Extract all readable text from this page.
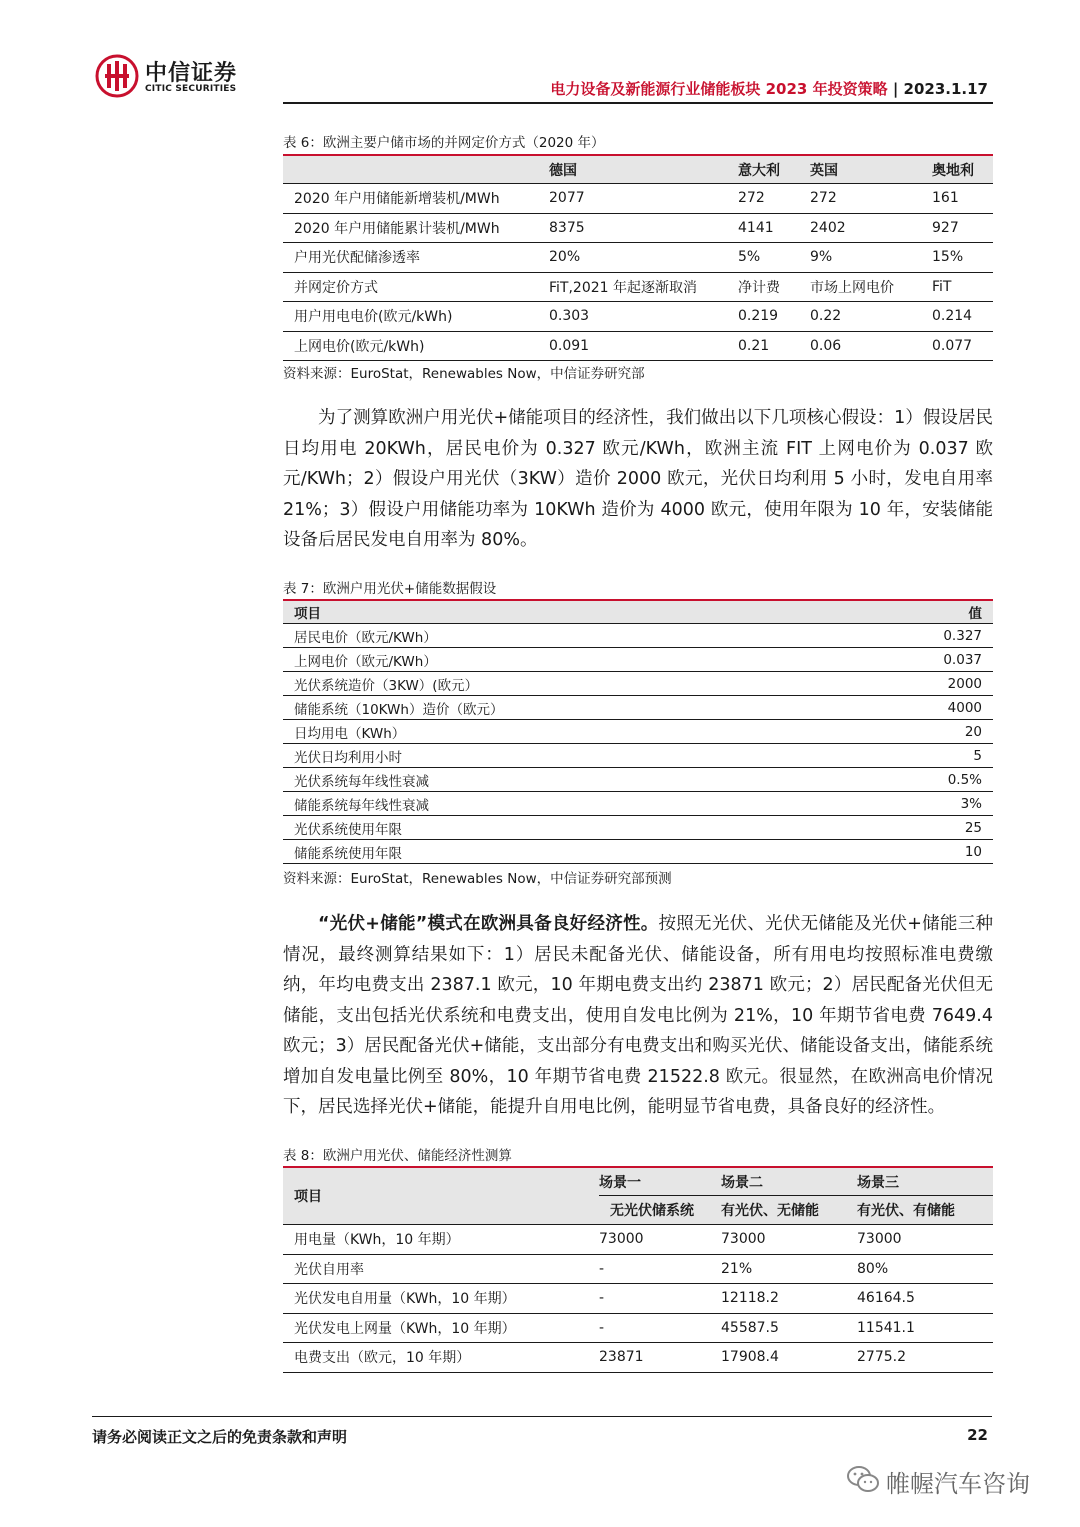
中信证券
CITIC SECURITIES	电力设备及新能源行业储能板块 2023 年投资策略 | 2023.1.17
表 6：欧洲主要户储市场的并网定价方式（2020 年）
	德国	意大利	英国	奥地利
2020 年户用储能新增装机/MWh	2077	272	272	161
2020 年户用储能累计装机/MWh	8375	4141	2402	927
户用光伏配储渗透率	20%	5%	9%	15%
并网定价方式	FiT,2021 年起逐渐取消	净计费	市场上网电价	FiT
用户用电电价(欧元/kWh)	0.303	0.219	0.22	0.214
上网电价(欧元/kWh)	0.091	0.21	0.06	0.077
资料来源：EuroStat，Renewables Now，中信证券研究部

为了测算欧洲户用光伏+储能项目的经济性，我们做出以下几项核心假设：1）假设居民日均用电 20KWh，居民电价为 0.327 欧元/KWh，欧洲主流 FIT 上网电价为 0.037 欧元/KWh；2）假设户用光伏（3KW）造价 2000 欧元，光伏日均利用 5 小时，发电自用率 21%；3）假设户用储能功率为 10KWh 造价为 4000 欧元，使用年限为 10 年，安装储能设备后居民发电自用率为 80%。

表 7：欧洲户用光伏+储能数据假设
项目	值
居民电价（欧元/KWh）	0.327
上网电价（欧元/KWh）	0.037
光伏系统造价（3KW）(欧元）	2000
储能系统（10KWh）造价（欧元）	4000
日均用电（KWh）	20
光伏日均利用小时	5
光伏系统每年线性衰减	0.5%
储能系统每年线性衰减	3%
光伏系统使用年限	25
储能系统使用年限	10
资料来源：EuroStat，Renewables Now，中信证券研究部预测

“光伏+储能”模式在欧洲具备良好经济性。按照无光伏、光伏无储能及光伏+储能三种情况，最终测算结果如下：1）居民未配备光伏、储能设备，所有用电均按照标准电费缴纳，年均电费支出 2387.1 欧元，10 年期电费支出约 23871 欧元；2）居民配备光伏但无储能，支出包括光伏系统和电费支出，使用自发电比例为 21%，10 年期节省电费 7649.4 欧元；3）居民配备光伏+储能，支出部分有电费支出和购买光伏、储能设备支出，储能系统增加自发电量比例至 80%，10 年期节省电费 21522.8 欧元。很显然，在欧洲高电价情况下，居民选择光伏+储能，能提升自用电比例，能明显节省电费，具备良好的经济性。

表 8：欧洲户用光伏、储能经济性测算
项目	场景一	场景二	场景三
	无光伏储系统	有光伏、无储能	有光伏、有储能
用电量（KWh，10 年期）	73000	73000	73000
光伏自用率	-	21%	80%
光伏发电自用量（KWh，10 年期）	-	12118.2	46164.5
光伏发电上网量（KWh，10 年期）	-	45587.5	11541.1
电费支出（欧元，10 年期）	23871	17908.4	2775.2
请务必阅读正文之后的免责条款和声明	22
帷幄汽车咨询
